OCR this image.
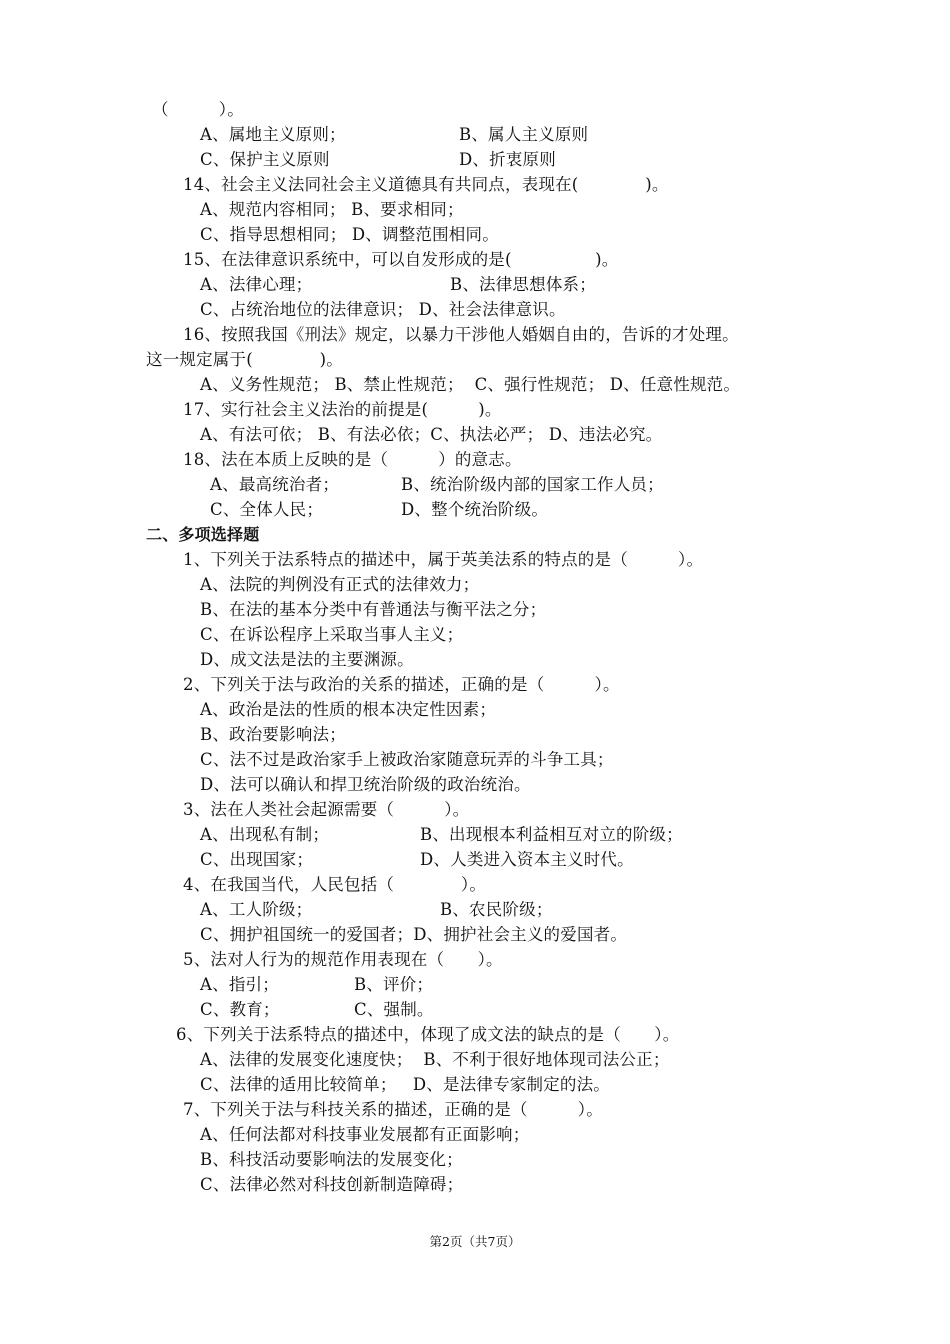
（　　　）。
A、属地主义原则；	B、属人主义原则
C、保护主义原则	D、折衷原则
14、社会主义法同社会主义道德具有共同点，表现在(　　　　)。
A、规范内容相同； B、要求相同；
C、指导思想相同； D、调整范围相同。
15、在法律意识系统中，可以自发形成的是(　　　　　)。
A、法律心理；	B、法律思想体系；
C、占统治地位的法律意识； D、社会法律意识。
16、按照我国《刑法》规定，以暴力干涉他人婚姻自由的，告诉的才处理。
这一规定属于(　　　　)。
A、义务性规范； B、禁止性规范；  C、强行性规范； D、任意性规范。
17、实行社会主义法治的前提是(　　　)。
A、有法可依； B、有法必依；C、执法必严； D、违法必究。
18、法在本质上反映的是（　　　）的意志。
A、最高统治者；	B、统治阶级内部的国家工作人员；
C、全体人民；	D、整个统治阶级。
二、多项选择题
1、下列关于法系特点的描述中，属于英美法系的特点的是（　　　）。
A、法院的判例没有正式的法律效力；
B、在法的基本分类中有普通法与衡平法之分；
C、在诉讼程序上采取当事人主义；
D、成文法是法的主要渊源。
2、下列关于法与政治的关系的描述，正确的是（　　　）。
A、政治是法的性质的根本决定性因素；
B、政治要影响法；
C、法不过是政治家手上被政治家随意玩弄的斗争工具；
D、法可以确认和捍卫统治阶级的政治统治。
3、法在人类社会起源需要（　　　）。
A、出现私有制；	B、出现根本利益相互对立的阶级；
C、出现国家；	D、人类进入资本主义时代。
4、在我国当代，人民包括（　　　　）。
A、工人阶级；	B、农民阶级；
C、拥护祖国统一的爱国者；D、拥护社会主义的爱国者。
5、法对人行为的规范作用表现在（　　）。
A、指引；	B、评价；
C、教育；	C、强制。
6、下列关于法系特点的描述中，体现了成文法的缺点的是（　　）。
A、法律的发展变化速度快；  B、不利于很好地体现司法公正；
C、法律的适用比较简单；   D、是法律专家制定的法。
7、下列关于法与科技关系的描述，正确的是（　　　）。
A、任何法都对科技事业发展都有正面影响；
B、科技活动要影响法的发展变化；
C、法律必然对科技创新制造障碍；
第2页（共7页）
